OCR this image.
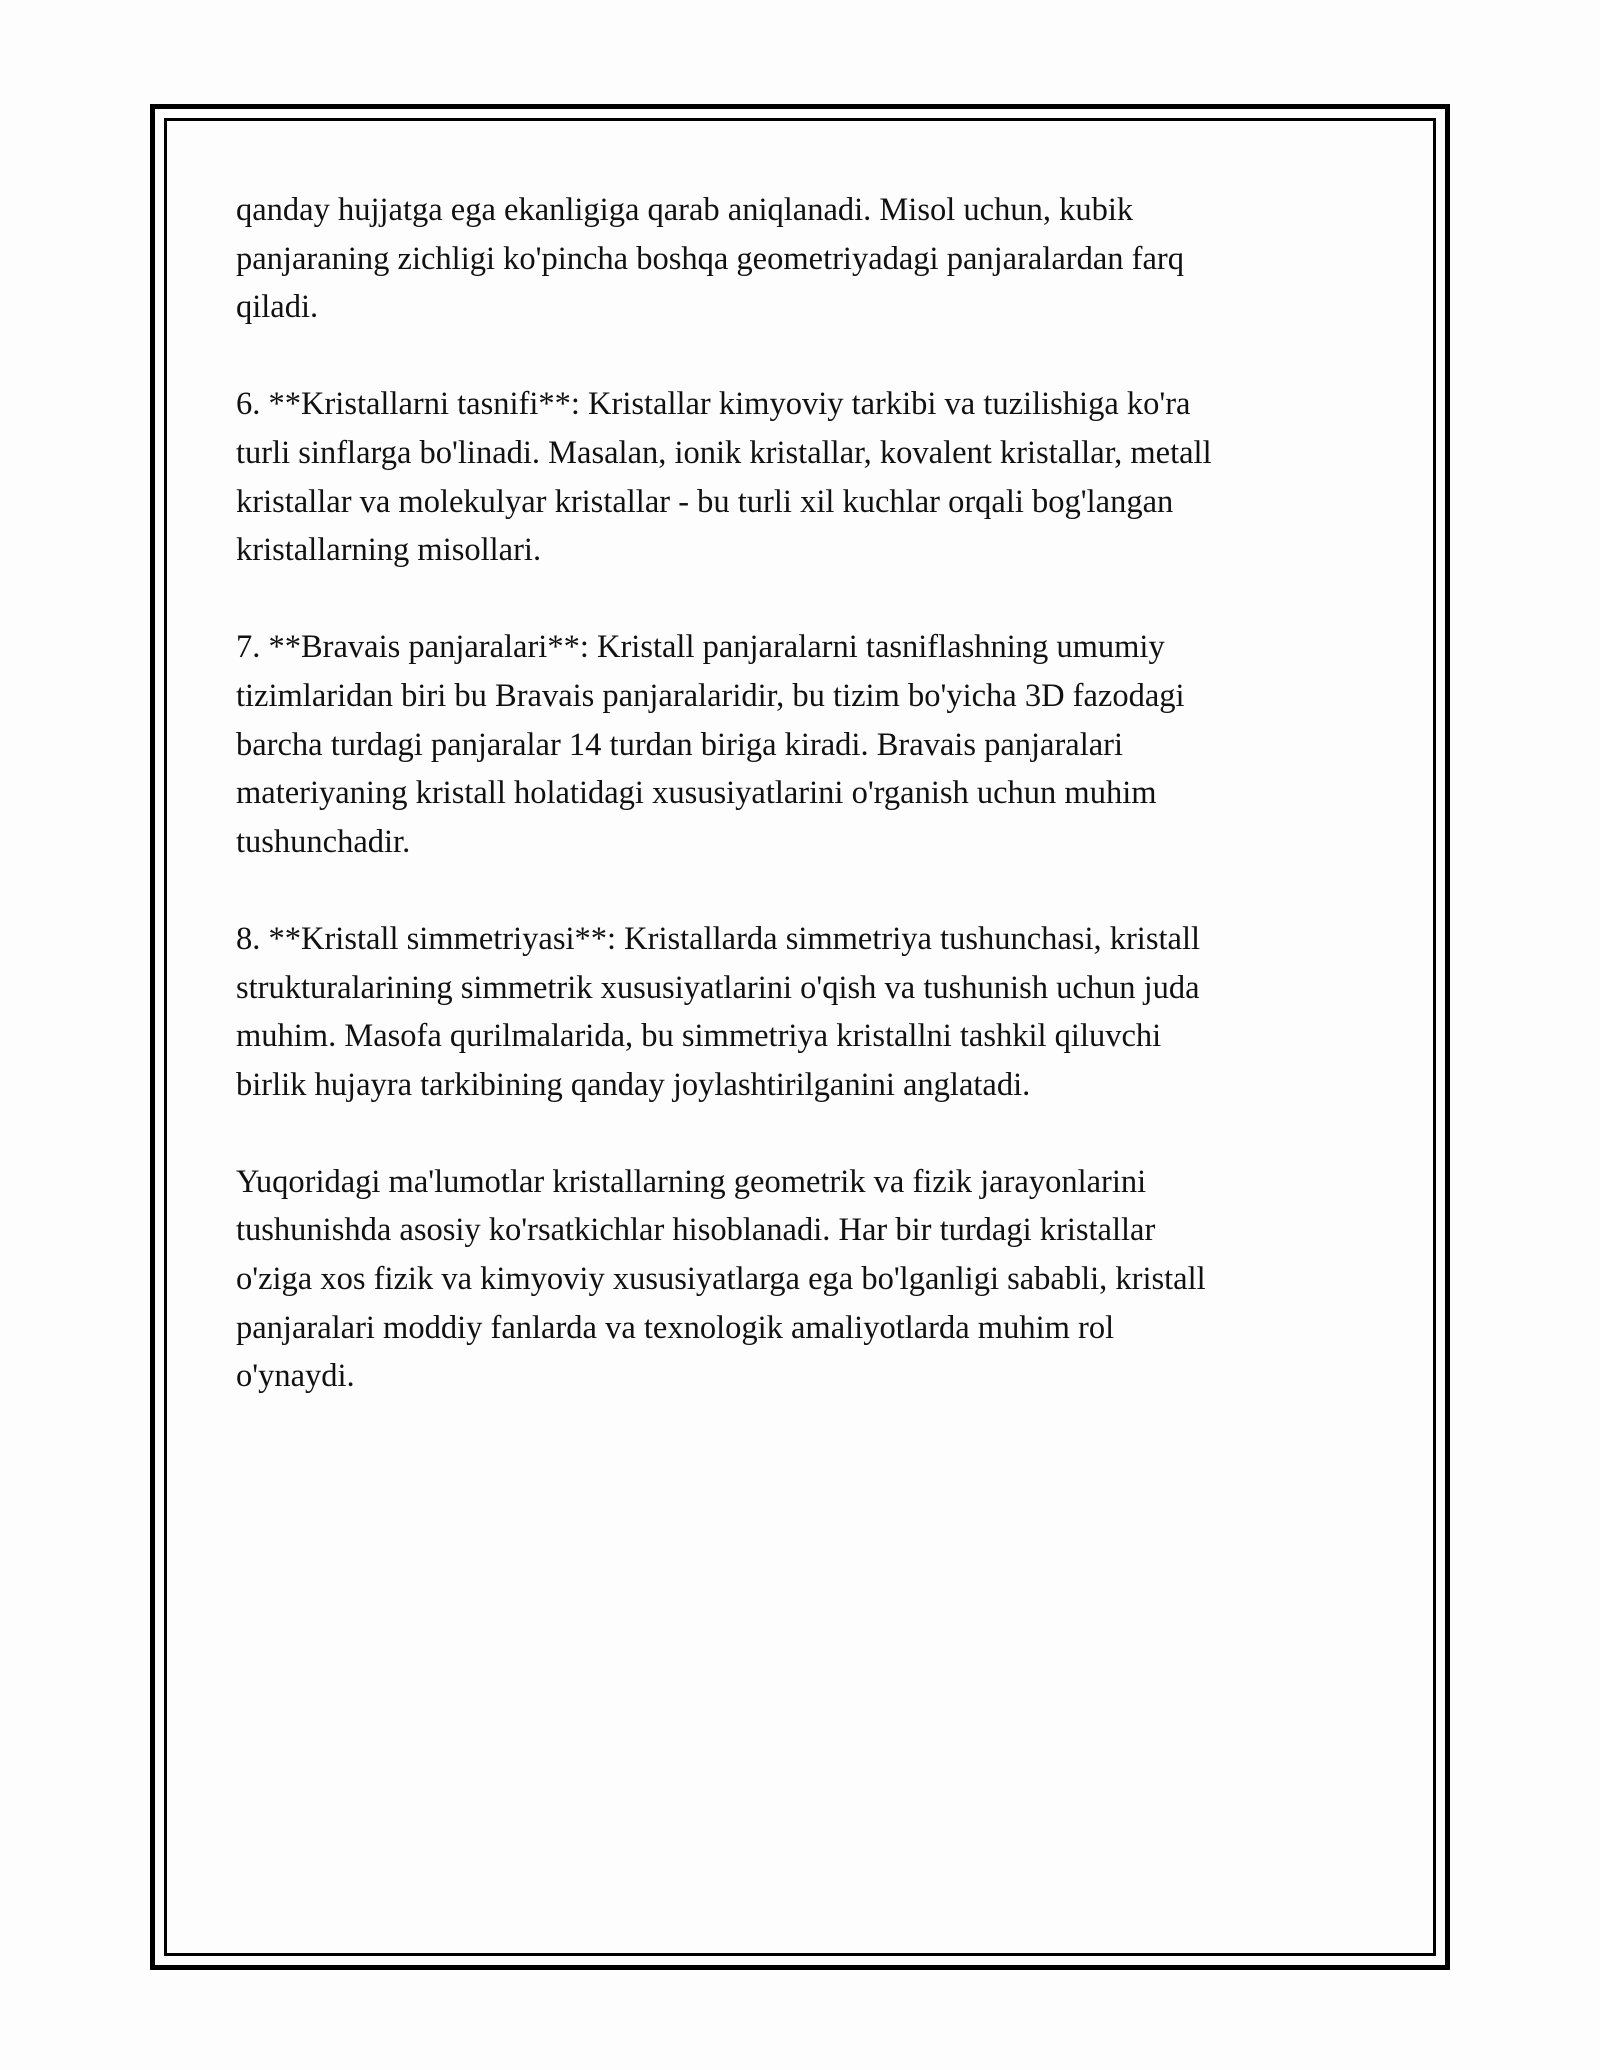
qanday hujjatga ega ekanligiga qarab aniqlanadi. Misol uchun, kubik
panjaraning zichligi ko'pincha boshqa geometriyadagi panjaralardan farq
qiladi.

6. **Kristallarni tasnifi**: Kristallar kimyoviy tarkibi va tuzilishiga ko'ra
turli sinflarga bo'linadi. Masalan, ionik kristallar, kovalent kristallar, metall
kristallar va molekulyar kristallar - bu turli xil kuchlar orqali bog'langan
kristallarning misollari.

7. **Bravais panjaralari**: Kristall panjaralarni tasniflashning umumiy
tizimlaridan biri bu Bravais panjaralaridir, bu tizim bo'yicha 3D fazodagi
barcha turdagi panjaralar 14 turdan biriga kiradi. Bravais panjaralari
materiyaning kristall holatidagi xususiyatlarini o'rganish uchun muhim
tushunchadir.

8. **Kristall simmetriyasi**: Kristallarda simmetriya tushunchasi, kristall
strukturalarining simmetrik xususiyatlarini o'qish va tushunish uchun juda
muhim. Masofa qurilmalarida, bu simmetriya kristallni tashkil qiluvchi
birlik hujayra tarkibining qanday joylashtirilganini anglatadi.

Yuqoridagi ma'lumotlar kristallarning geometrik va fizik jarayonlarini
tushunishda asosiy ko'rsatkichlar hisoblanadi. Har bir turdagi kristallar
o'ziga xos fizik va kimyoviy xususiyatlarga ega bo'lganligi sababli, kristall
panjaralari moddiy fanlarda va texnologik amaliyotlarda muhim rol
o'ynaydi.
